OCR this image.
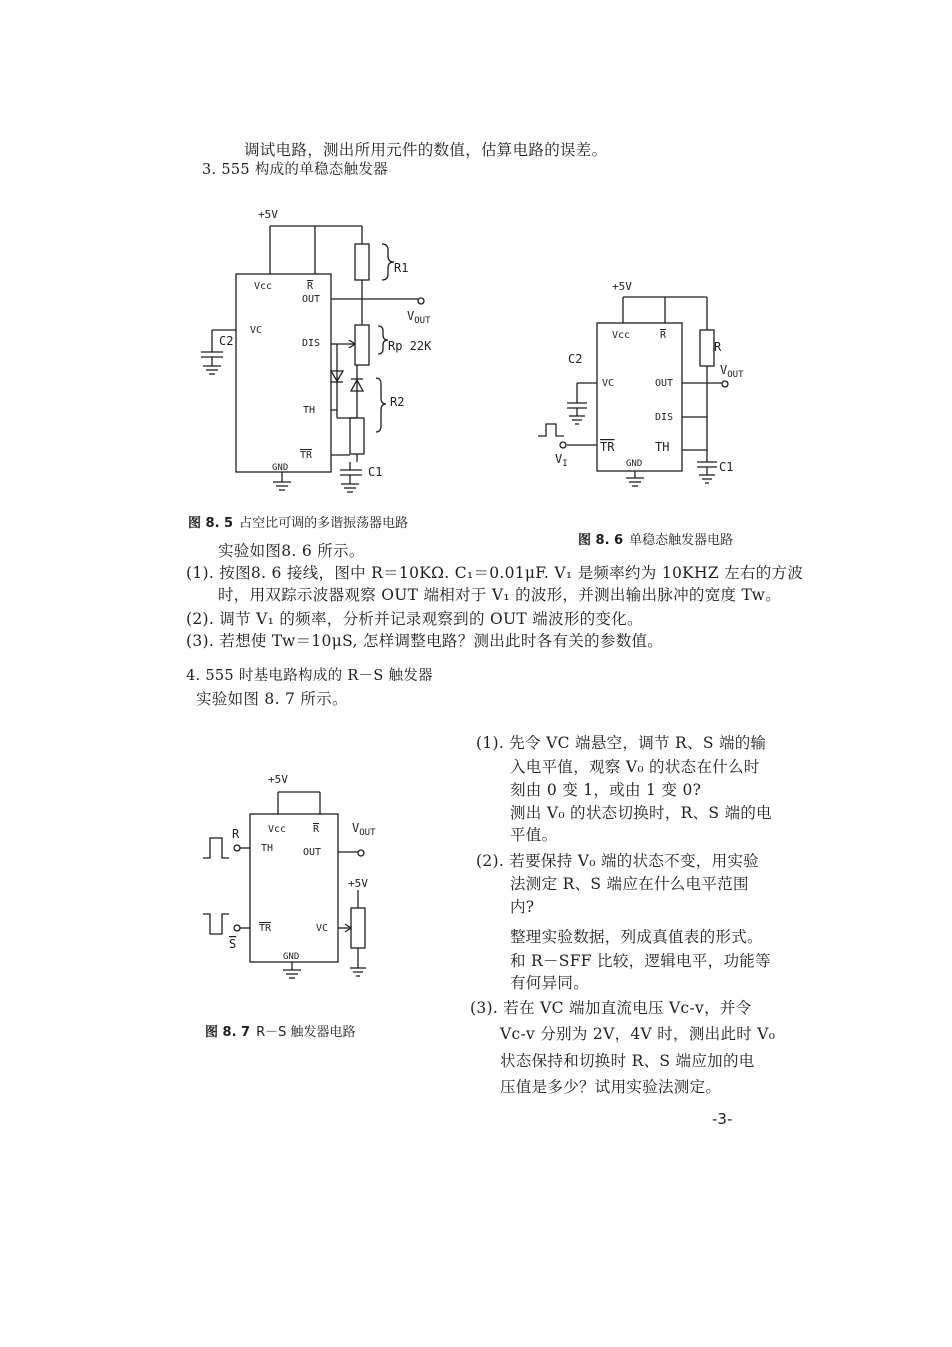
调试电路，测出所用元件的数值，估算电路的误差。
3. 555 构成的单稳态触发器
+5V
Vcc	R
OUT
VC
DIS
TH
TR
GND
C2
R1
Rp 22K
R2
C1
$V_{OUT}$
+5V
Vcc	R
VC	OUT
DIS
TR	TH
GND
C2
R
C1
$V_{OUT}$
$V_I$
图 8. 5 占空比可调的多谐振荡器电路
图 8. 6 单稳态触发器电路
实验如图8. 6 所示。
(1). 按图8. 6 接线，图中 R＝10KΩ. C₁＝0.01μF. V₁ 是频率约为 10KHZ 左右的方波
时，用双踪示波器观察 OUT 端相对于 V₁ 的波形，并测出输出脉冲的宽度 Tw。
(2). 调节 V₁ 的频率，分析并记录观察到的 OUT 端波形的变化。
(3). 若想使 Tw＝10μS, 怎样调整电路？测出此时各有关的参数值。
4. 555 时基电路构成的 R－S 触发器
实验如图 8. 7 所示。
+5V
Vcc	R
TH	OUT
TR	VC
GND
R
S
+5V
$V_{OUT}$
图 8. 7 R－S 触发器电路
(1). 先令 VC 端悬空，调节 R、S 端的输
入电平值，观察 V₀ 的状态在什么时
刻由 0 变 1，或由 1 变 0?
测出 V₀ 的状态切换时，R、S 端的电
平值。
(2). 若要保持 V₀ 端的状态不变，用实验
法测定 R、S 端应在什么电平范围
内?
整理实验数据，列成真值表的形式。
和 R－SFF 比较，逻辑电平，功能等
有何异同。
(3). 若在 VC 端加直流电压 Vc-v，并令
Vc-v 分别为 2V，4V 时，测出此时 V₀
状态保持和切换时 R、S 端应加的电
压值是多少？试用实验法测定。
-3-
